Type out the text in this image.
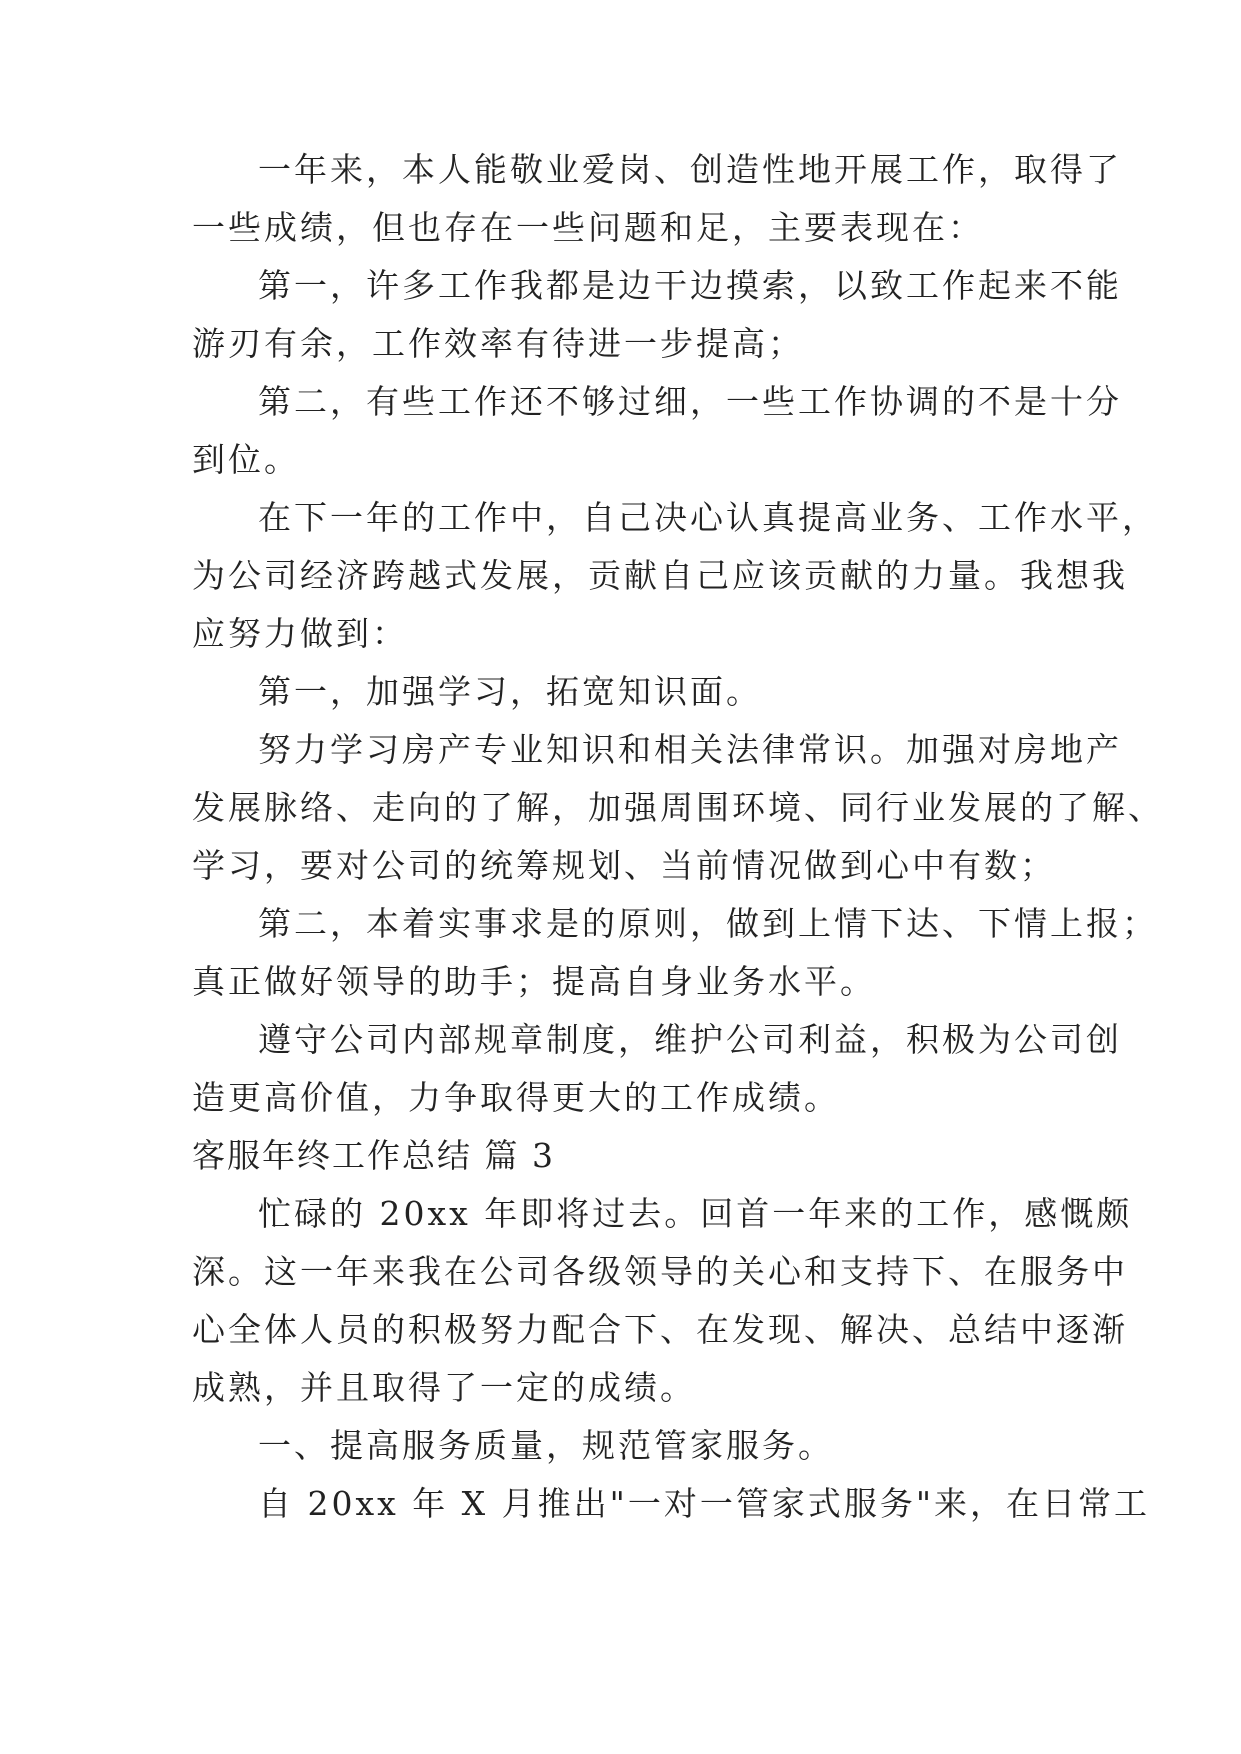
一年来，本人能敬业爱岗、创造性地开展工作，取得了
一些成绩，但也存在一些问题和足，主要表现在：
第一，许多工作我都是边干边摸索，以致工作起来不能
游刃有余，工作效率有待进一步提高；
第二，有些工作还不够过细，一些工作协调的不是十分
到位。
在下一年的工作中，自己决心认真提高业务、工作水平，
为公司经济跨越式发展，贡献自己应该贡献的力量。我想我
应努力做到：
第一，加强学习，拓宽知识面。
努力学习房产专业知识和相关法律常识。加强对房地产
发展脉络、走向的了解，加强周围环境、同行业发展的了解、
学习，要对公司的统筹规划、当前情况做到心中有数；
第二，本着实事求是的原则，做到上情下达、下情上报；
真正做好领导的助手；提高自身业务水平。
遵守公司内部规章制度，维护公司利益，积极为公司创
造更高价值，力争取得更大的工作成绩。
客服年终工作总结 篇 3
忙碌的 20xx 年即将过去。回首一年来的工作，感慨颇
深。这一年来我在公司各级领导的关心和支持下、在服务中
心全体人员的积极努力配合下、在发现、解决、总结中逐渐
成熟，并且取得了一定的成绩。
一、提高服务质量，规范管家服务。
自 20xx 年 X 月推出"一对一管家式服务"来，在日常工
